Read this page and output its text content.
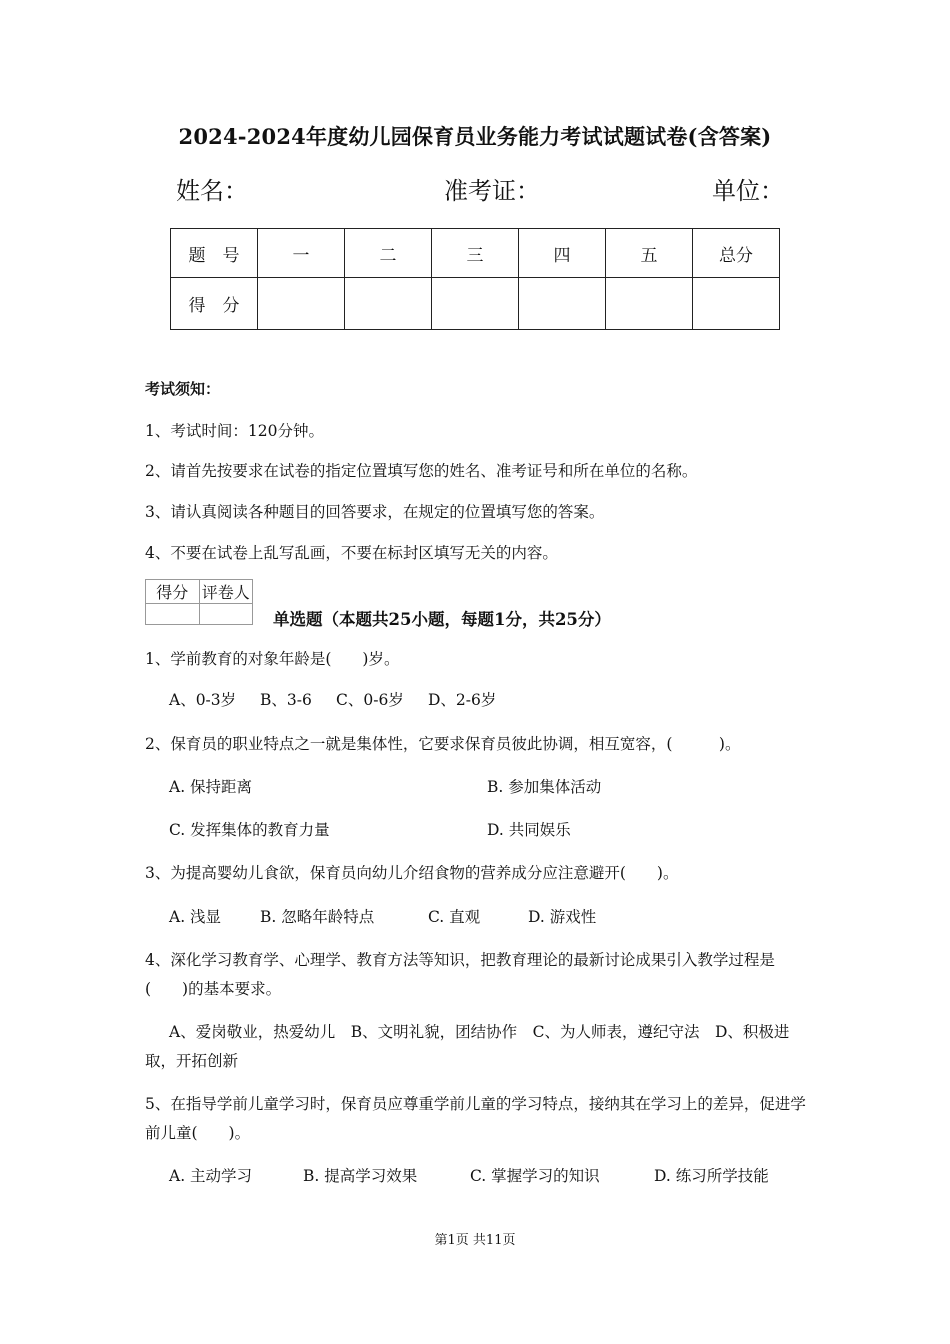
2024-2024年度幼儿园保育员业务能力考试试题试卷(含答案)
姓名：	准考证：	单位：
题　号	一	二	三	四	五	总分
得　分						
考试须知：
1、考试时间：120分钟。
2、请首先按要求在试卷的指定位置填写您的姓名、准考证号和所在单位的名称。
3、请认真阅读各种题目的回答要求，在规定的位置填写您的答案。
4、不要在试卷上乱写乱画，不要在标封区填写无关的内容。
得分	评卷人

单选题（本题共25小题，每题1分，共25分）
1、学前教育的对象年龄是(　　)岁。
A、0-3岁 B、3-6 C、0-6岁 D、2-6岁
2、保育员的职业特点之一就是集体性，它要求保育员彼此协调，相互宽容，(　　　)。
A. 保持距离	B. 参加集体活动
C. 发挥集体的教育力量	D. 共同娱乐
3、为提高婴幼儿食欲，保育员向幼儿介绍食物的营养成分应注意避开(　　)。
A. 浅显	B. 忽略年龄特点	C. 直观	D. 游戏性
4、深化学习教育学、心理学、教育方法等知识，把教育理论的最新讨论成果引入教学过程是(　　)的基本要求。
A、爱岗敬业，热爱幼儿　B、文明礼貌，团结协作　C、为人师表，遵纪守法　D、积极进取，开拓创新
5、在指导学前儿童学习时，保育员应尊重学前儿童的学习特点，接纳其在学习上的差异，促进学前儿童(　　)。
A. 主动学习	B. 提高学习效果	C. 掌握学习的知识	D. 练习所学技能
第1页 共11页
